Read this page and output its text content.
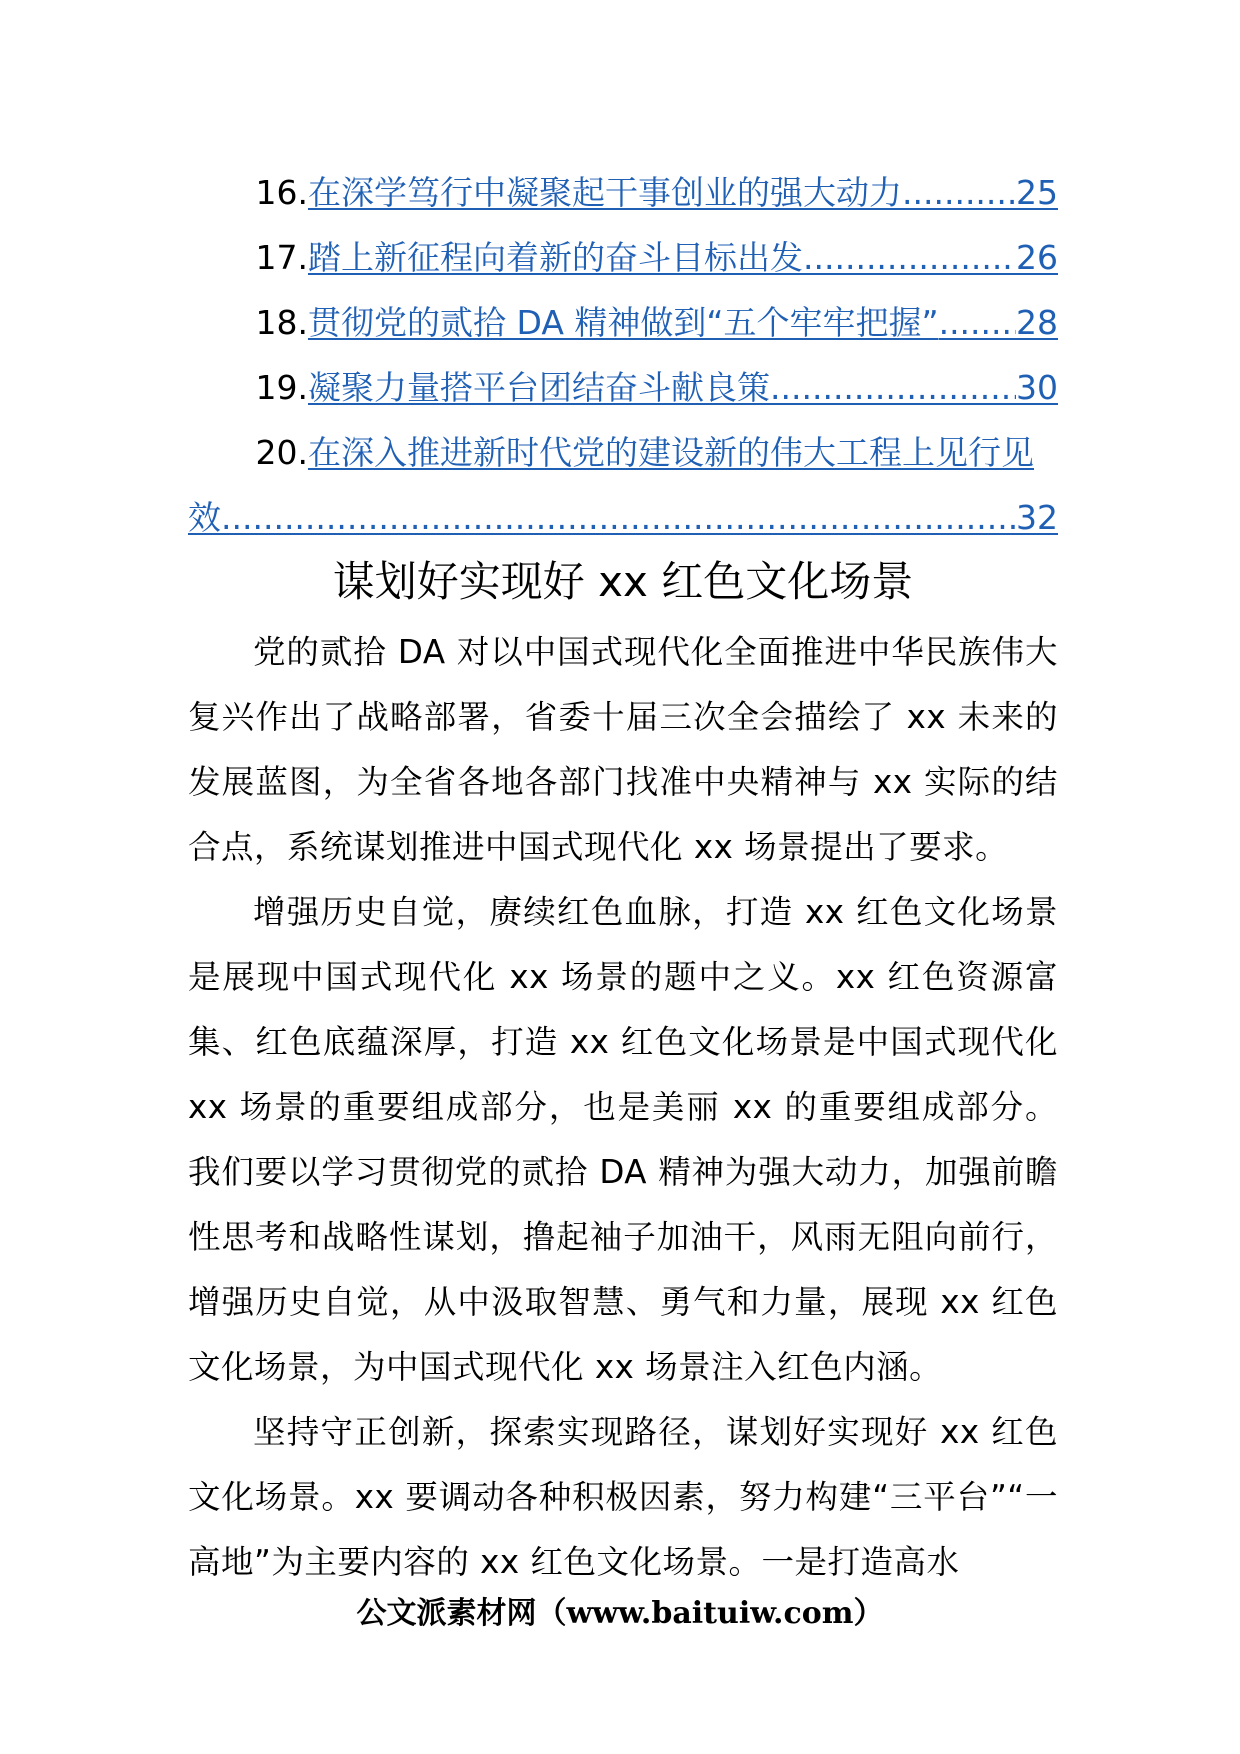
16. 在深学笃行中凝聚起干事创业的强大动力 .....	25
17. 踏上新征程向着新的奋斗目标出发 .....	26
18. 贯彻党的贰拾 DA 精神做到“五个牢牢把握” ..... 28
19. 凝聚力量搭平台团结奋斗献良策 .....	30
20. 在深入推进新时代党的建设新的伟大工程上见行见
效 .....	32
谋划好实现好 xx 红色文化场景

党的贰拾 DA 对以中国式现代化全面推进中华民族伟大复兴作出了战略部署，省委十届三次全会描绘了 xx 未来的发展蓝图，为全省各地各部门找准中央精神与 xx 实际的结合点，系统谋划推进中国式现代化 xx 场景提出了要求。

增强历史自觉，赓续红色血脉，打造 xx 红色文化场景是展现中国式现代化 xx 场景的题中之义。xx 红色资源富集、红色底蕴深厚，打造 xx 红色文化场景是中国式现代化 xx 场景的重要组成部分，也是美丽 xx 的重要组成部分。我们要以学习贯彻党的贰拾 DA 精神为强大动力，加强前瞻性思考和战略性谋划，撸起袖子加油干，风雨无阻向前行，增强历史自觉，从中汲取智慧、勇气和力量，展现 xx 红色文化场景，为中国式现代化 xx 场景注入红色内涵。

坚持守正创新，探索实现路径，谋划好实现好 xx 红色文化场景。xx 要调动各种积极因素，努力构建“三平台”“一高地”为主要内容的 xx 红色文化场景。一是打造高水

公文派素材网（www.baituiw.com）
